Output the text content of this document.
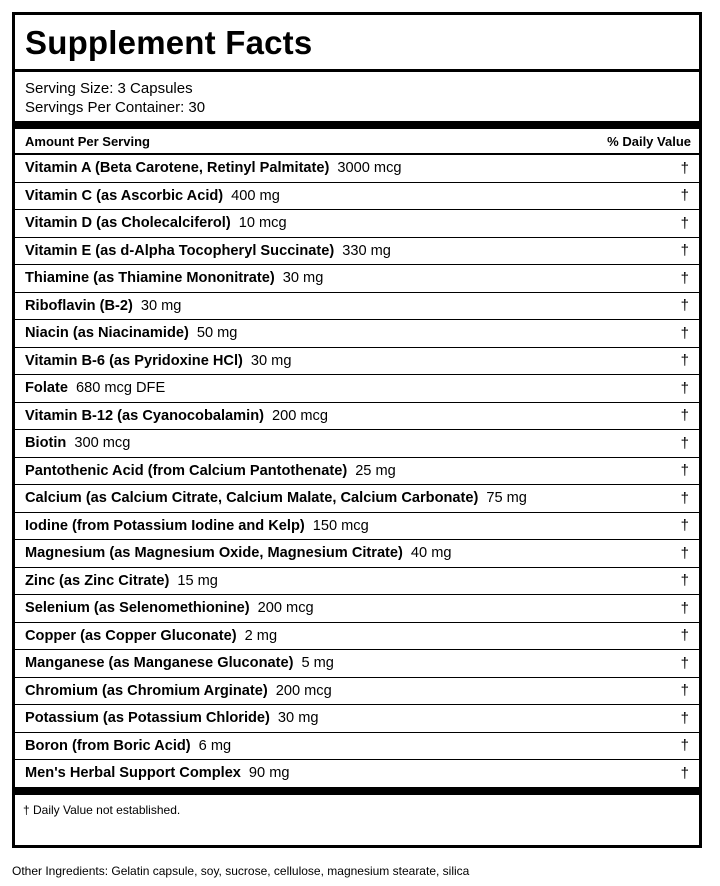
Supplement Facts
Serving Size: 3 Capsules
Servings Per Container: 30
Amount Per Serving	% Daily Value
Vitamin A (Beta Carotene, Retinyl Palmitate) 3000 mcg	†
Vitamin C (as Ascorbic Acid) 400 mg	†
Vitamin D (as Cholecalciferol) 10 mcg	†
Vitamin E (as d-Alpha Tocopheryl Succinate) 330 mg	†
Thiamine (as Thiamine Mononitrate) 30 mg	†
Riboflavin (B-2) 30 mg	†
Niacin (as Niacinamide) 50 mg	†
Vitamin B-6 (as Pyridoxine HCl) 30 mg	†
Folate 680 mcg DFE	†
Vitamin B-12 (as Cyanocobalamin) 200 mcg	†
Biotin 300 mcg	†
Pantothenic Acid (from Calcium Pantothenate) 25 mg	†
Calcium (as Calcium Citrate, Calcium Malate, Calcium Carbonate) 75 mg	†
Iodine (from Potassium Iodine and Kelp) 150 mcg	†
Magnesium (as Magnesium Oxide, Magnesium Citrate) 40 mg	†
Zinc (as Zinc Citrate) 15 mg	†
Selenium (as Selenomethionine) 200 mcg	†
Copper (as Copper Gluconate) 2 mg	†
Manganese (as Manganese Gluconate) 5 mg	†
Chromium (as Chromium Arginate) 200 mcg	†
Potassium (as Potassium Chloride) 30 mg	†
Boron (from Boric Acid) 6 mg	†
Men's Herbal Support Complex 90 mg	†
† Daily Value not established.
Other Ingredients: Gelatin capsule, soy, sucrose, cellulose, magnesium stearate, silica
